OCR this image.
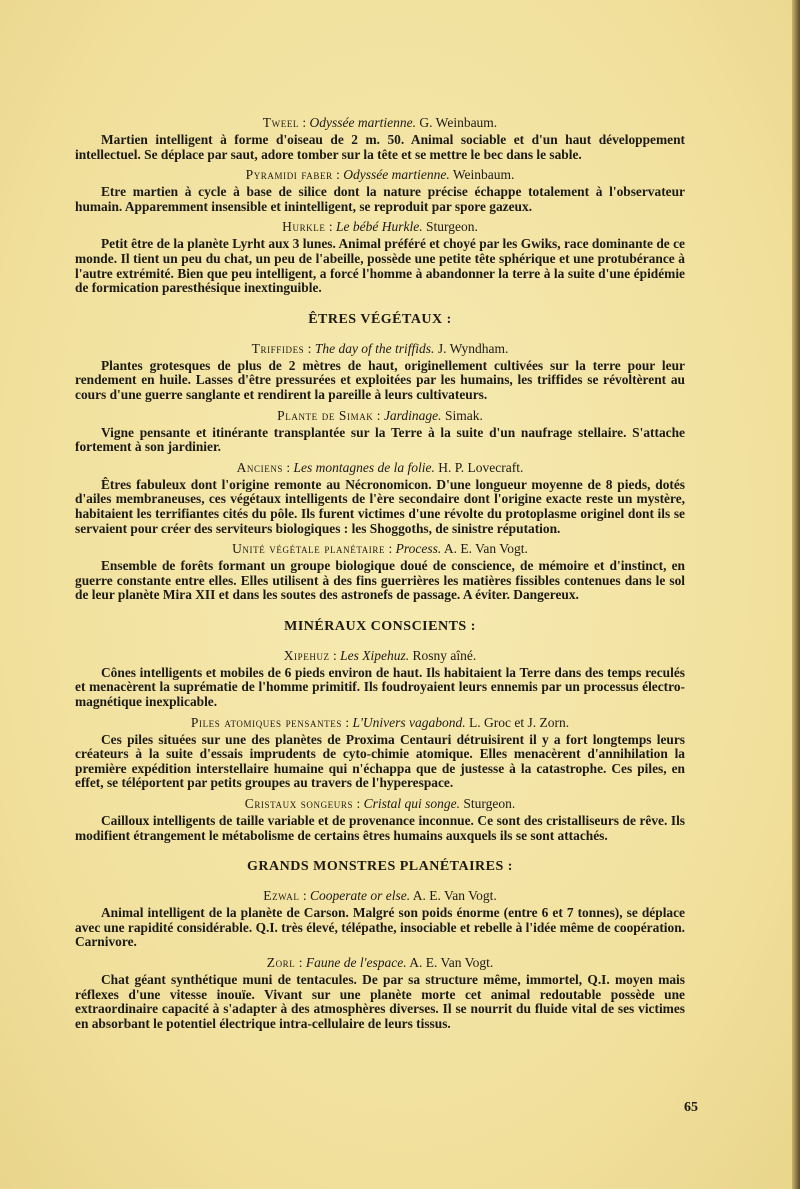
Tweel : Odyssée martienne. G. Weinbaum.

Martien intelligent à forme d'oiseau de 2 m. 50. Animal sociable et d'un haut développement intellectuel. Se déplace par saut, adore tomber sur la tête et se mettre le bec dans le sable.

Pyramidi faber : Odyssée martienne. Weinbaum.

Etre martien à cycle à base de silice dont la nature précise échappe totalement à l'observateur humain. Apparemment insensible et inintelligent, se reproduit par spore gazeux.

Hurkle : Le bébé Hurkle. Sturgeon.

Petit être de la planète Lyrht aux 3 lunes. Animal préféré et choyé par les Gwiks, race dominante de ce monde. Il tient un peu du chat, un peu de l'abeille, possède une petite tête sphérique et une protubérance à l'autre extrémité. Bien que peu intelligent, a forcé l'homme à abandonner la terre à la suite d'une épidémie de formication paresthésique inextinguible.

ÊTRES VÉGÉTAUX :
Triffides : The day of the triffids. J. Wyndham.

Plantes grotesques de plus de 2 mètres de haut, originellement cultivées sur la terre pour leur rendement en huile. Lasses d'être pressurées et exploitées par les humains, les triffides se révoltèrent au cours d'une guerre sanglante et rendirent la pareille à leurs cultivateurs.

Plante de Simak : Jardinage. Simak.

Vigne pensante et itinérante transplantée sur la Terre à la suite d'un naufrage stellaire. S'attache fortement à son jardinier.

Anciens : Les montagnes de la folie. H. P. Lovecraft.

Êtres fabuleux dont l'origine remonte au Nécronomicon. D'une longueur moyenne de 8 pieds, dotés d'ailes membraneuses, ces végétaux intelligents de l'ère secondaire dont l'origine exacte reste un mystère, habitaient les terrifiantes cités du pôle. Ils furent victimes d'une révolte du protoplasme originel dont ils se servaient pour créer des serviteurs biologiques : les Shoggoths, de sinistre réputation.

Unité végétale planétaire : Process. A. E. Van Vogt.

Ensemble de forêts formant un groupe biologique doué de conscience, de mémoire et d'instinct, en guerre constante entre elles. Elles utilisent à des fins guerrières les matières fissibles contenues dans le sol de leur planète Mira XII et dans les soutes des astronefs de passage. A éviter. Dangereux.

MINÉRAUX CONSCIENTS :
Xipehuz : Les Xipehuz. Rosny aîné.

Cônes intelligents et mobiles de 6 pieds environ de haut. Ils habitaient la Terre dans des temps reculés et menacèrent la suprématie de l'homme primitif. Ils foudroyaient leurs ennemis par un processus électro-magnétique inexplicable.

Piles atomiques pensantes : L'Univers vagabond. L. Groc et J. Zorn.

Ces piles situées sur une des planètes de Proxima Centauri détruisirent il y a fort longtemps leurs créateurs à la suite d'essais imprudents de cyto-chimie atomique. Elles menacèrent d'annihilation la première expédition interstellaire humaine qui n'échappa que de justesse à la catastrophe. Ces piles, en effet, se téléportent par petits groupes au travers de l'hyperespace.

Cristaux songeurs : Cristal qui songe. Sturgeon.

Cailloux intelligents de taille variable et de provenance inconnue. Ce sont des cristalliseurs de rêve. Ils modifient étrangement le métabolisme de certains êtres humains auxquels ils se sont attachés.

GRANDS MONSTRES PLANÉTAIRES :
Ezwal : Cooperate or else. A. E. Van Vogt.

Animal intelligent de la planète de Carson. Malgré son poids énorme (entre 6 et 7 tonnes), se déplace avec une rapidité considérable. Q.I. très élevé, télépathe, insociable et rebelle à l'idée même de coopération. Carnivore.

Zorl : Faune de l'espace. A. E. Van Vogt.

Chat géant synthétique muni de tentacules. De par sa structure même, immortel, Q.I. moyen mais réflexes d'une vitesse inouïe. Vivant sur une planète morte cet animal redoutable possède une extraordinaire capacité à s'adapter à des atmosphères diverses. Il se nourrit du fluide vital de ses victimes en absorbant le potentiel électrique intra-cellulaire de leurs tissus.

65
